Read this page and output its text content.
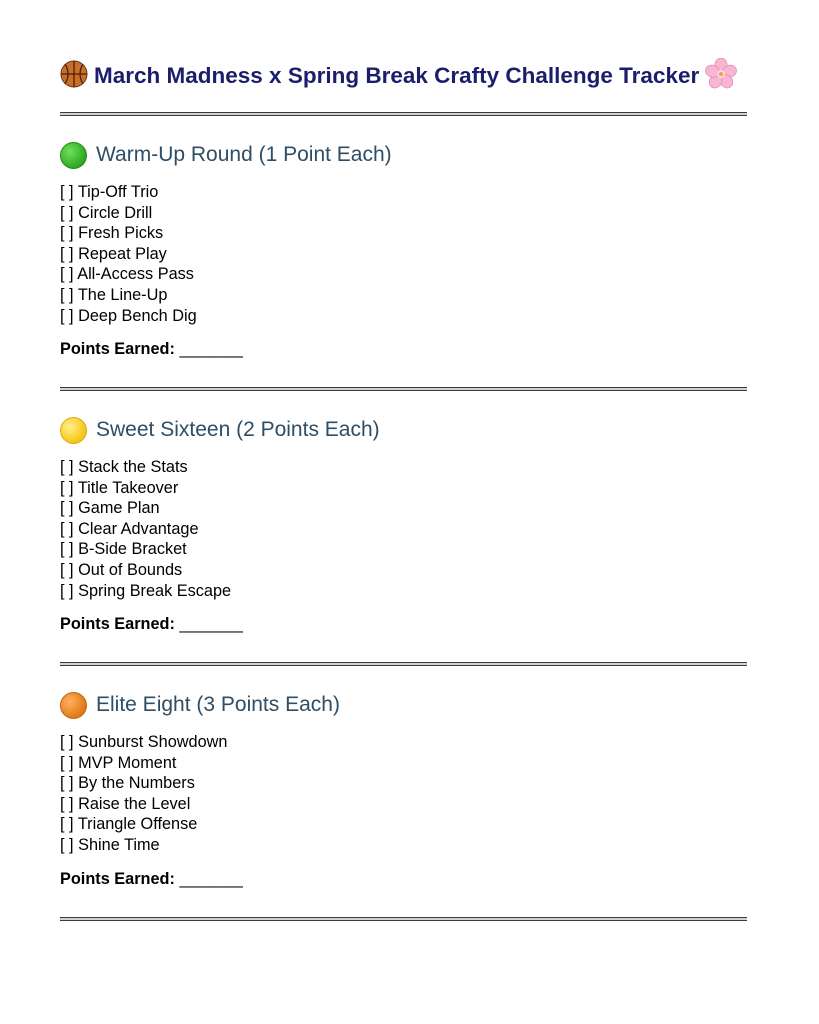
March Madness x Spring Break Crafty Challenge Tracker
Warm-Up Round (1 Point Each)
[ ] Tip-Off Trio
[ ] Circle Drill
[ ] Fresh Picks
[ ] Repeat Play
[ ] All-Access Pass
[ ] The Line-Up
[ ] Deep Bench Dig
Points Earned: _______
Sweet Sixteen (2 Points Each)
[ ] Stack the Stats
[ ] Title Takeover
[ ] Game Plan
[ ] Clear Advantage
[ ] B-Side Bracket
[ ] Out of Bounds
[ ] Spring Break Escape
Points Earned: _______
Elite Eight (3 Points Each)
[ ] Sunburst Showdown
[ ] MVP Moment
[ ] By the Numbers
[ ] Raise the Level
[ ] Triangle Offense
[ ] Shine Time
Points Earned: _______
